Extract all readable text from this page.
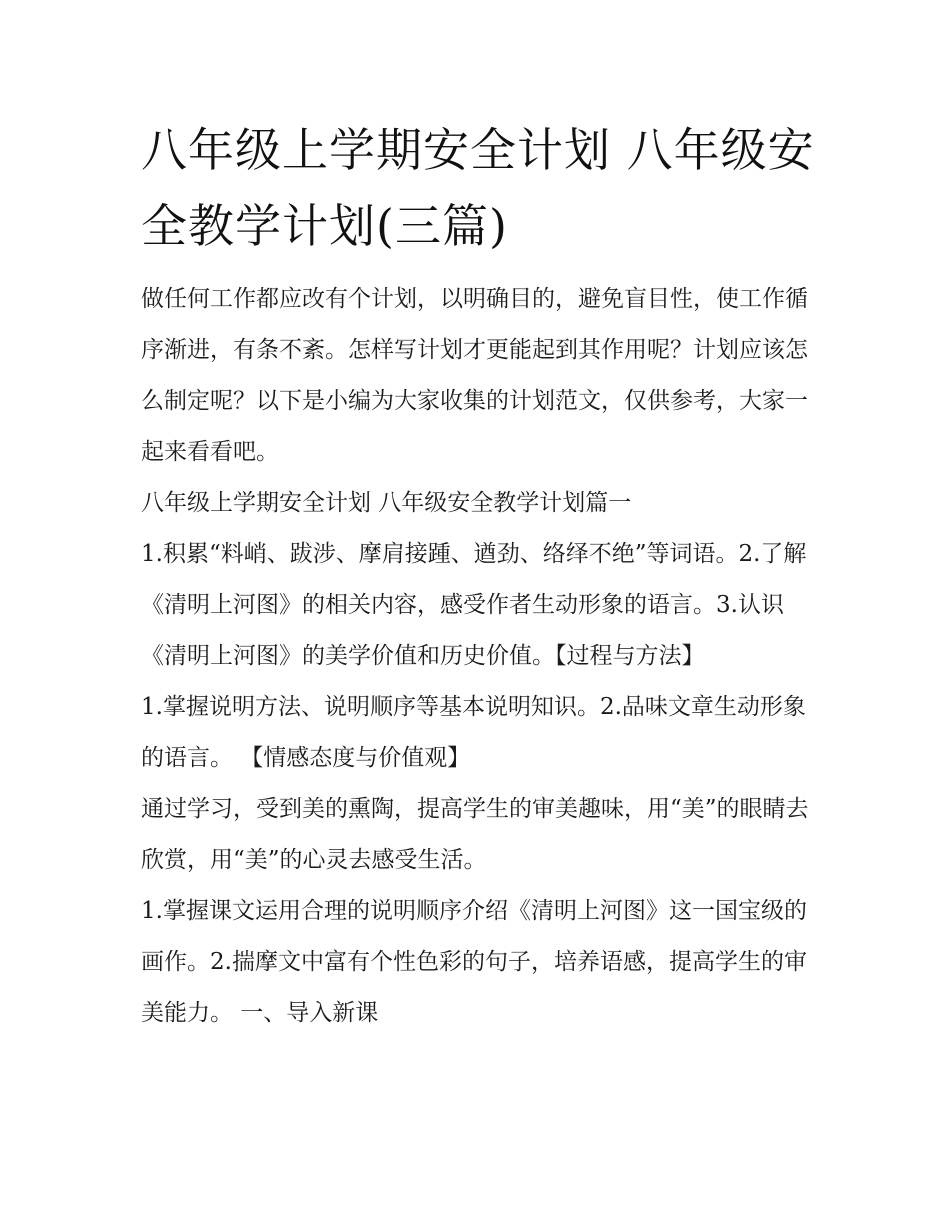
八年级上学期安全计划 八年级安全教学计划(三篇)

做任何工作都应改有个计划，以明确目的，避免盲目性，使工作循序渐进，有条不紊。怎样写计划才更能起到其作用呢？计划应该怎么制定呢？以下是小编为大家收集的计划范文，仅供参考，大家一起来看看吧。

八年级上学期安全计划 八年级安全教学计划篇一

1.积累“料峭、跋涉、摩肩接踵、遒劲、络绎不绝”等词语。2.了解《清明上河图》的相关内容，感受作者生动形象的语言。3.认识《清明上河图》的美学价值和历史价值。【过程与方法】

1.掌握说明方法、说明顺序等基本说明知识。2.品味文章生动形象的语言。 【情感态度与价值观】

通过学习，受到美的熏陶，提高学生的审美趣味，用“美”的眼睛去欣赏，用“美”的心灵去感受生活。

1.掌握课文运用合理的说明顺序介绍《清明上河图》这一国宝级的画作。2.揣摩文中富有个性色彩的句子，培养语感，提高学生的审美能力。 一、导入新课
